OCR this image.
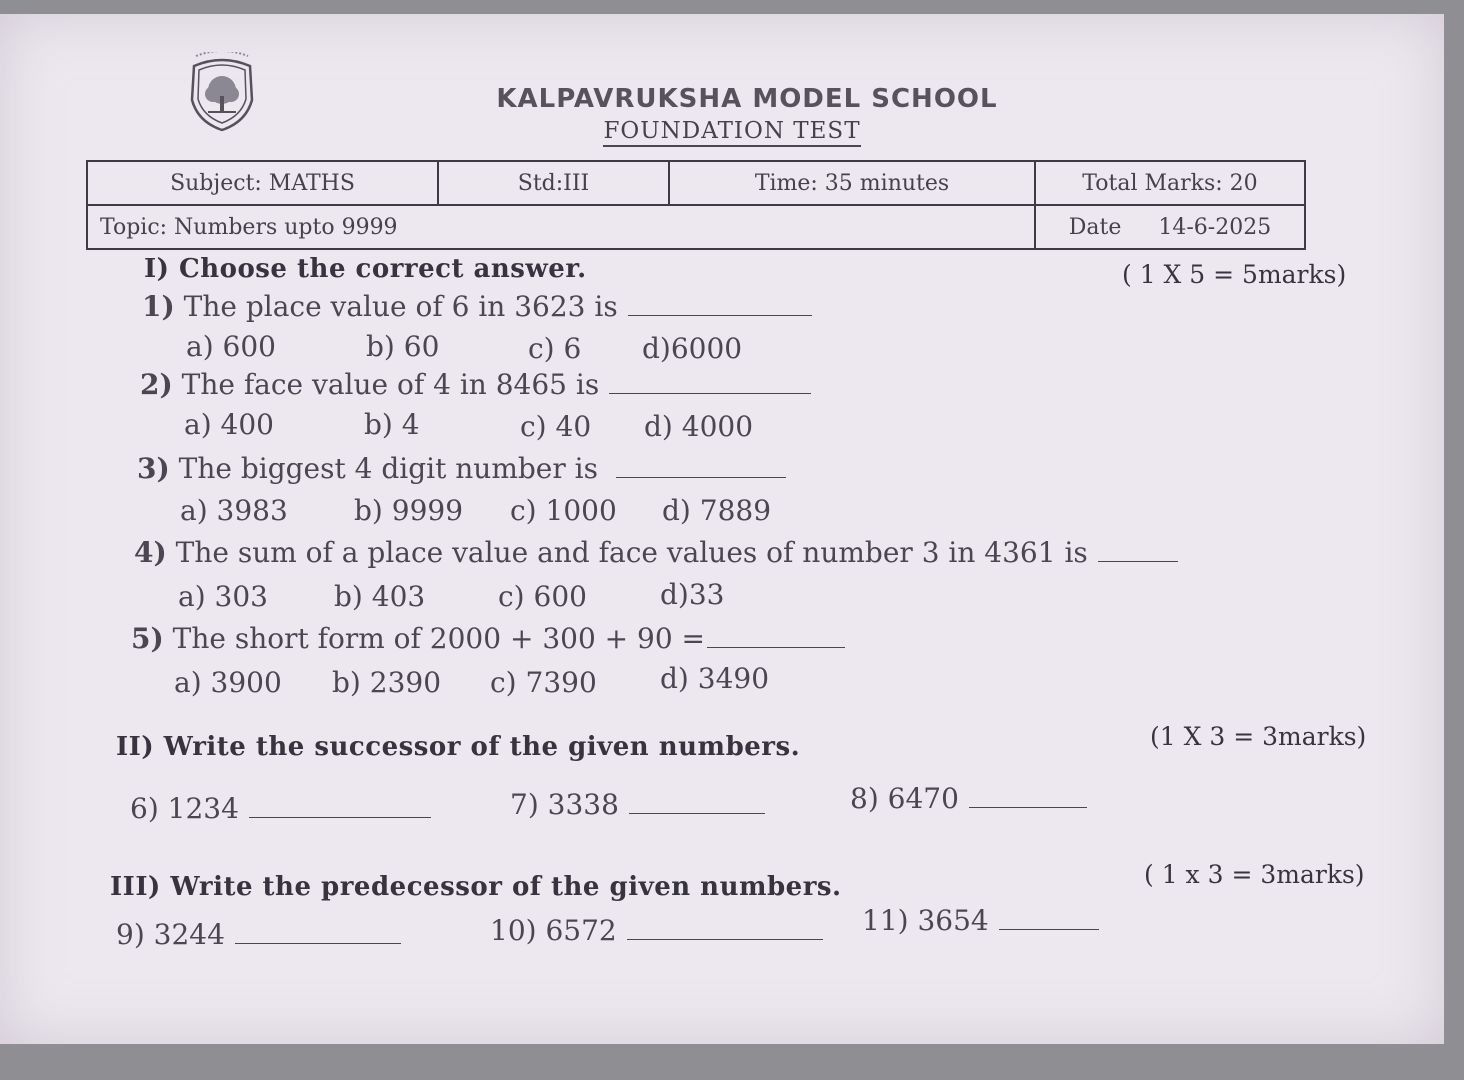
KALPAVRUKSHA MODEL SCHOOL
FOUNDATION TEST
Subject: MATHS	Std:III	Time: 35 minutes	Total Marks: 20
Topic: Numbers upto 9999			Date 14-6-2025
I) Choose the correct answer.	( 1 X 5 = 5marks)
1) The place value of 6 in 3623 is
a) 600	b) 60	c) 6 d)6000
2) The face value of 4 in 8465 is
a) 400	b) 4	c) 40 d) 4000
3) The biggest 4 digit number is
a) 3983 b) 9999 c) 1000 d) 7889
4) The sum of a place value and face values of number 3 in 4361 is
a) 303 b) 403	c) 600	d)33
5) The short form of 2000 + 300 + 90 =
a) 3900 b) 2390 c) 7390 d) 3490
II) Write the successor of the given numbers.	(1 X 3 = 3marks)
6) 1234	7) 3338	8) 6470
III) Write the predecessor of the given numbers.	( 1 x 3 = 3marks)
9) 3244	10) 6572	11) 3654
